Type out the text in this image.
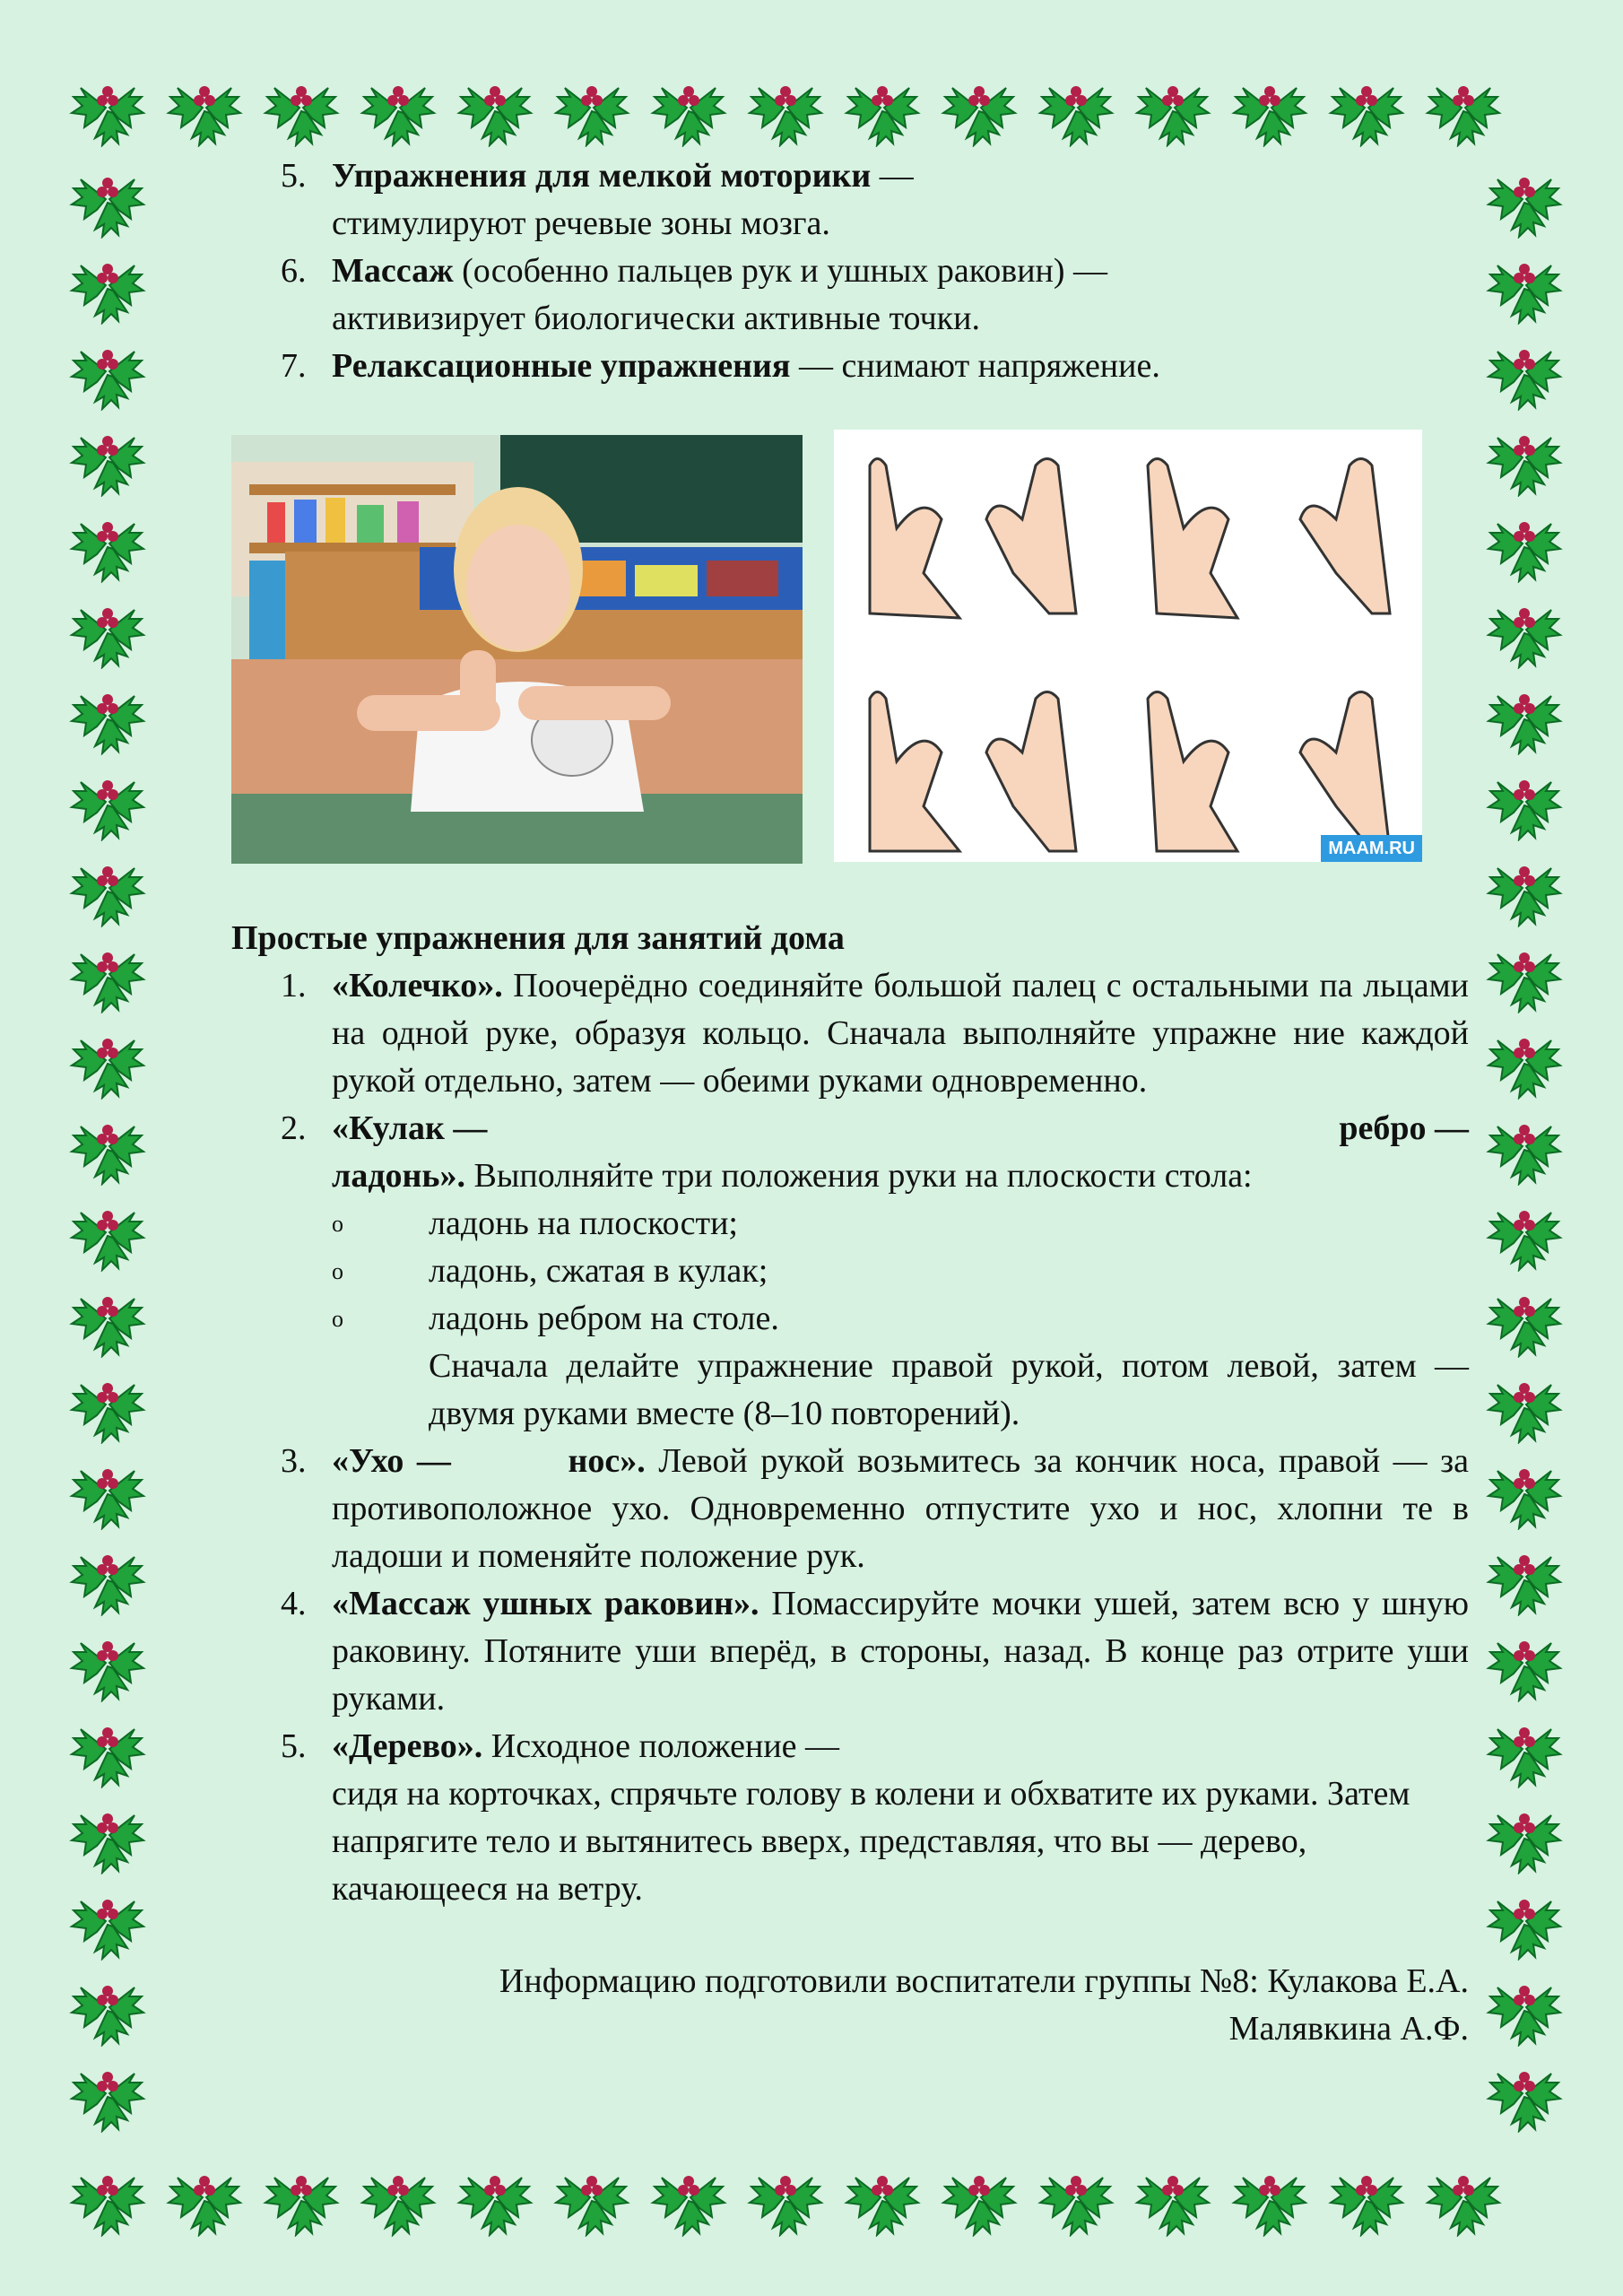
5. Упражнения для мелкой моторики —
стимулируют речевые зоны мозга.
6. Массаж (особенно пальцев рук и ушных раковин) —
активизирует биологически активные точки.
7. Релаксационные упражнения — снимают напряжение.
MAAM.RU
Простые упражнения для занятий дома
1. «Колечко». Поочерёдно соединяйте большой палец с остальными па льцами на одной руке, образуя кольцо. Сначала выполняйте упражне ние каждой рукой отдельно, затем — обеими руками одновременно.
2. «Кулак —	ребро —
ладонь». Выполняйте три положения руки на плоскости стола:
o	ладонь на плоскости;
o	ладонь, сжатая в кулак;
o	ладонь ребром на столе.
Сначала делайте упражнение правой рукой, потом левой, затем — двумя руками вместе (8–10 повторений).
3. «Ухо —         нос». Левой рукой возьмитесь за кончик носа, правой — за противоположное ухо. Одновременно отпустите ухо и нос, хлопни те в ладоши и поменяйте положение рук.
4. «Массаж ушных раковин». Помассируйте мочки ушей, затем всю у шную раковину. Потяните уши вперёд, в стороны, назад. В конце раз отрите уши руками.
5. «Дерево». Исходное положение —
сидя на корточках, спрячьте голову в колени и обхватите их руками. Затем напрягите тело и вытянитесь вверх, представляя, что вы — дерево, качающееся на ветру.
Информацию подготовили воспитатели группы №8: Кулакова Е.А.
Малявкина А.Ф.
